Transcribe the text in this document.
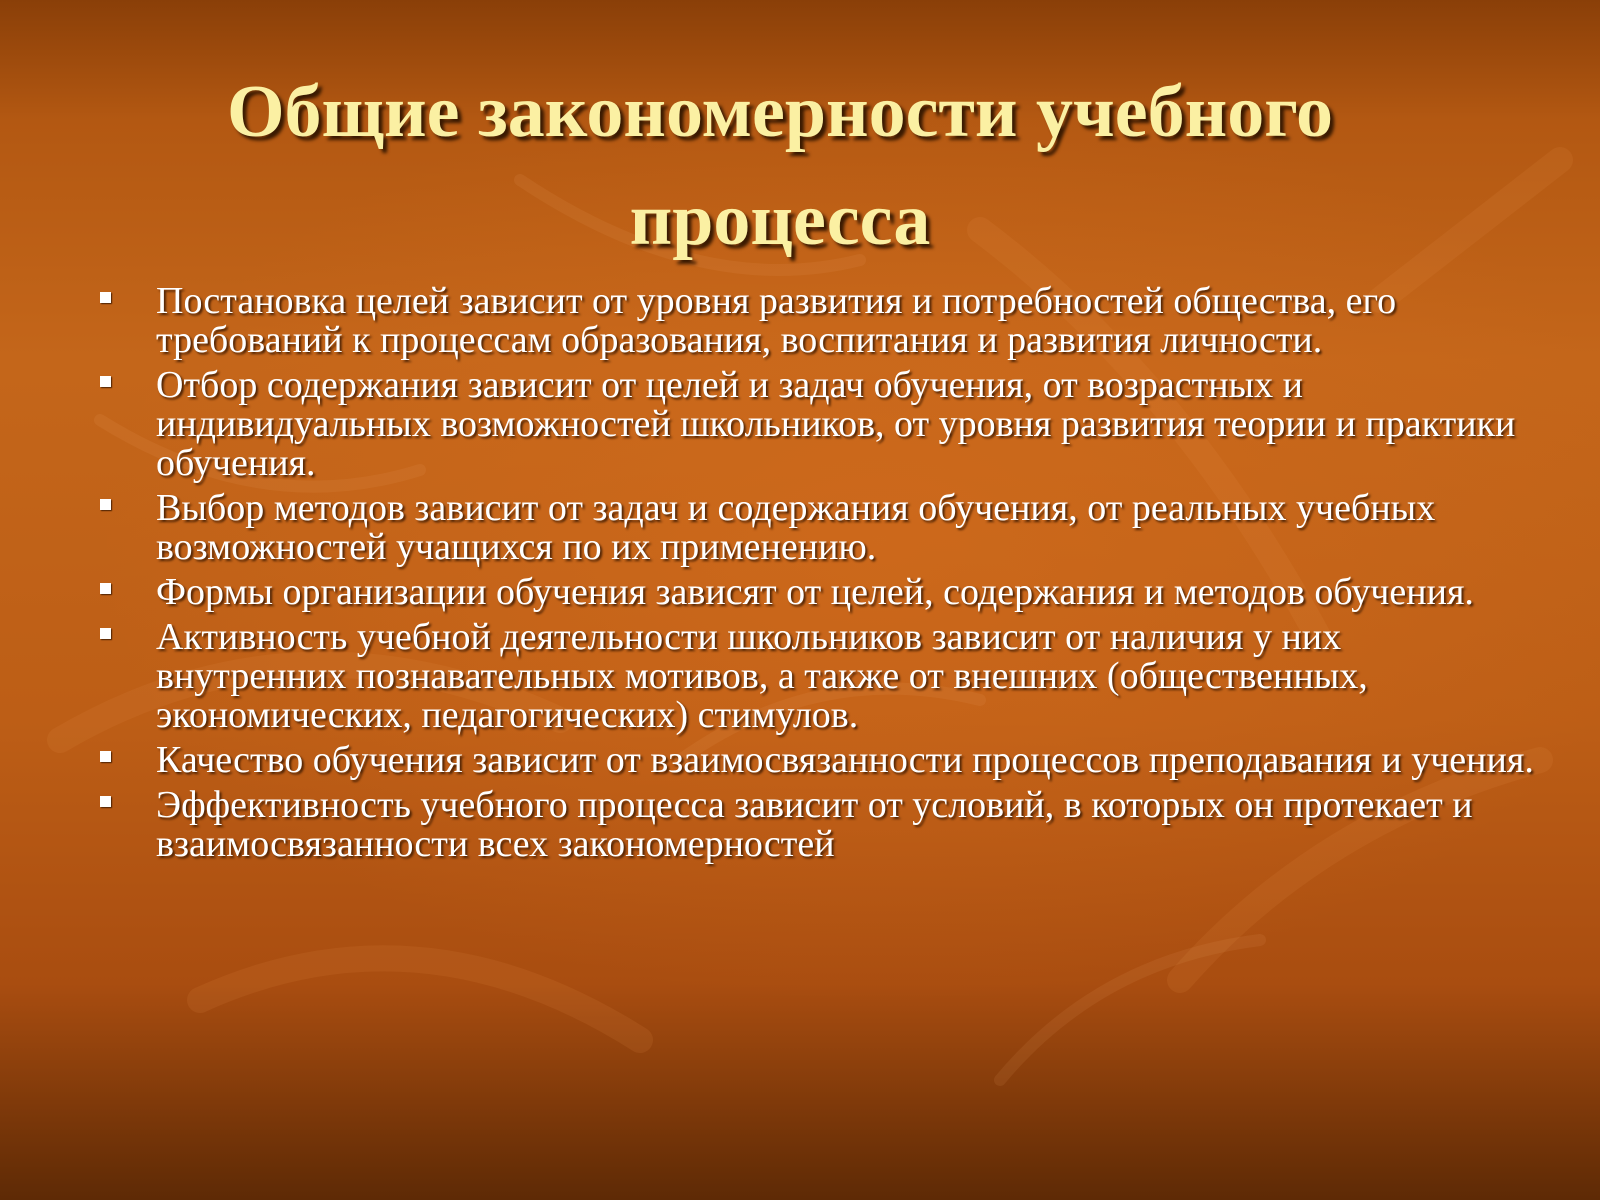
Общие закономерности учебного процесса
Постановка целей зависит от уровня развития и потребностей общества, его требований к процессам образования, воспитания и развития личности.
Отбор содержания зависит от целей и задач обучения, от возрастных и индивидуальных возможностей школьников, от уровня развития теории и практики обучения.
Выбор методов зависит от задач и содержания обучения, от реальных учебных возможностей учащихся по их применению.
Формы организации обучения зависят от целей, содержания и методов обучения.
Активность учебной деятельности школьников зависит от наличия у них внутренних познавательных мотивов, а также от внешних (общественных, экономических, педагогических) стимулов.
Качество обучения зависит от взаимосвязанности процессов преподавания и учения.
Эффективность учебного процесса зависит от условий, в которых он протекает и взаимосвязанности всех закономерностей
